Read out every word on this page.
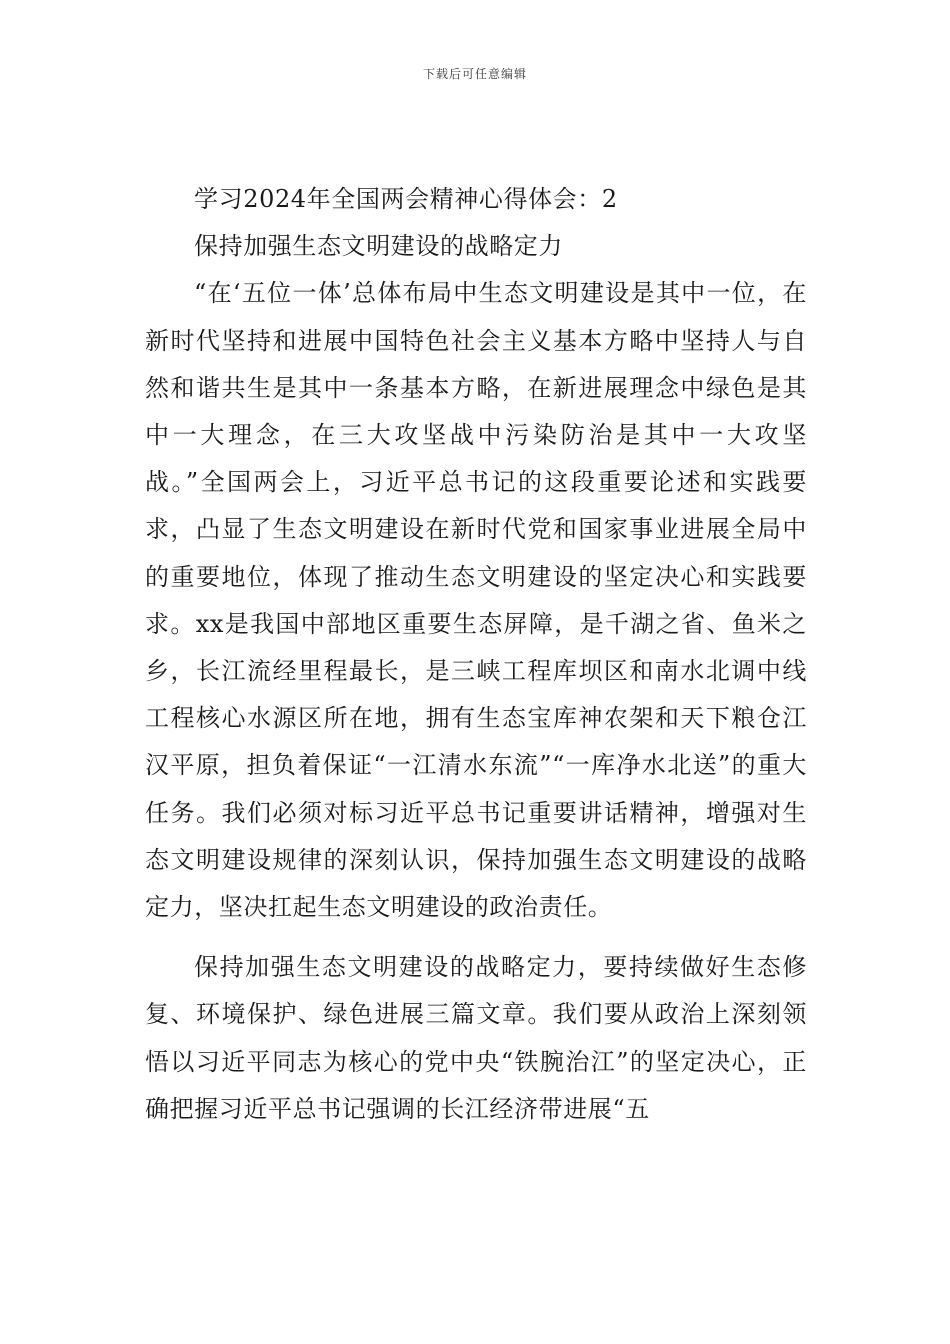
下载后可任意编辑
学习2024年全国两会精神心得体会：2
保持加强生态文明建设的战略定力

“在‘五位一体’总体布局中生态文明建设是其中一位，在新时代坚持和进展中国特色社会主义基本方略中坚持人与自然和谐共生是其中一条基本方略，在新进展理念中绿色是其中一大理念，在三大攻坚战中污染防治是其中一大攻坚战。”全国两会上，习近平总书记的这段重要论述和实践要求，凸显了生态文明建设在新时代党和国家事业进展全局中的重要地位，体现了推动生态文明建设的坚定决心和实践要求。xx是我国中部地区重要生态屏障，是千湖之省、鱼米之乡，长江流经里程最长，是三峡工程库坝区和南水北调中线工程核心水源区所在地，拥有生态宝库神农架和天下粮仓江汉平原，担负着保证“一江清水东流”“一库净水北送”的重大任务。我们必须对标习近平总书记重要讲话精神，增强对生态文明建设规律的深刻认识，保持加强生态文明建设的战略定力，坚决扛起生态文明建设的政治责任。

保持加强生态文明建设的战略定力，要持续做好生态修复、环境保护、绿色进展三篇文章。我们要从政治上深刻领悟以习近平同志为核心的党中央“铁腕治江”的坚定决心，正确把握习近平总书记强调的长江经济带进展“五
